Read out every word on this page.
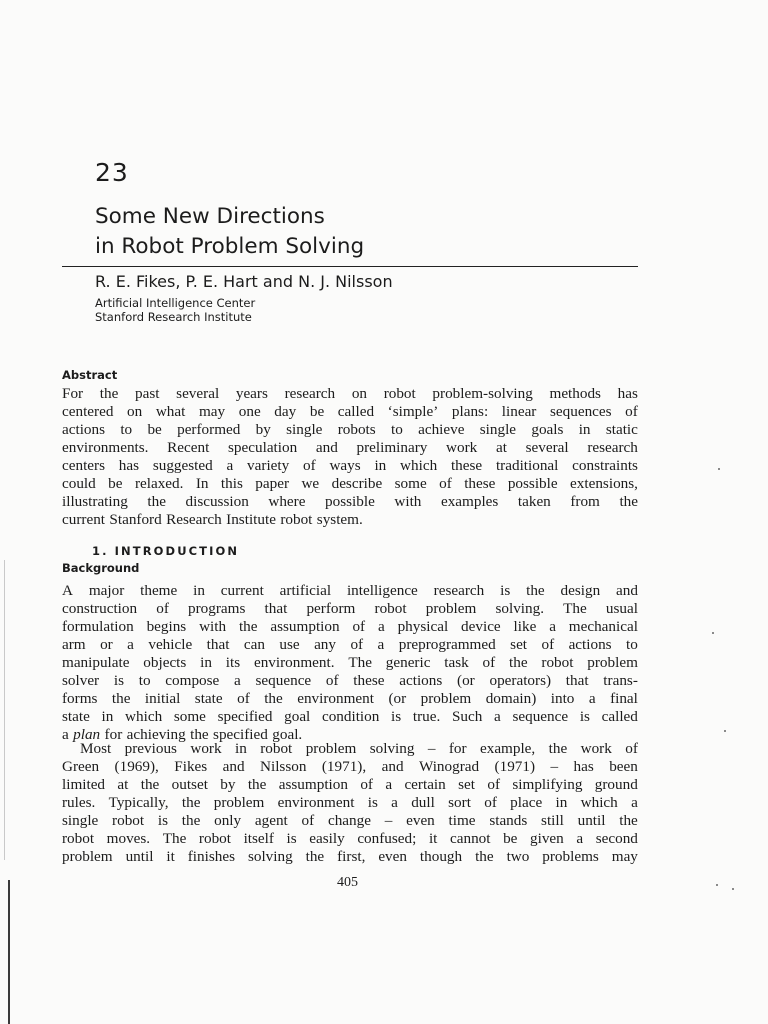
23
Some New Directions
in Robot Problem Solving
R. E. Fikes, P. E. Hart and N. J. Nilsson
Artificial Intelligence Center
Stanford Research Institute
Abstract
For the past several years research on robot problem-solving methods has
centered on what may one day be called ‘simple’ plans: linear sequences of
actions to be performed by single robots to achieve single goals in static
environments. Recent speculation and preliminary work at several research
centers has suggested a variety of ways in which these traditional constraints
could be relaxed. In this paper we describe some of these possible extensions,
illustrating the discussion where possible with examples taken from the
current Stanford Research Institute robot system.
1. INTRODUCTION
Background
A major theme in current artificial intelligence research is the design and
construction of programs that perform robot problem solving. The usual
formulation begins with the assumption of a physical device like a mechanical
arm or a vehicle that can use any of a preprogrammed set of actions to
manipulate objects in its environment. The generic task of the robot problem
solver is to compose a sequence of these actions (or operators) that trans-
forms the initial state of the environment (or problem domain) into a final
state in which some specified goal condition is true. Such a sequence is called
a plan for achieving the specified goal.
Most previous work in robot problem solving – for example, the work of
Green (1969), Fikes and Nilsson (1971), and Winograd (1971) – has been
limited at the outset by the assumption of a certain set of simplifying ground
rules. Typically, the problem environment is a dull sort of place in which a
single robot is the only agent of change – even time stands still until the
robot moves. The robot itself is easily confused; it cannot be given a second
problem until it finishes solving the first, even though the two problems may
405
